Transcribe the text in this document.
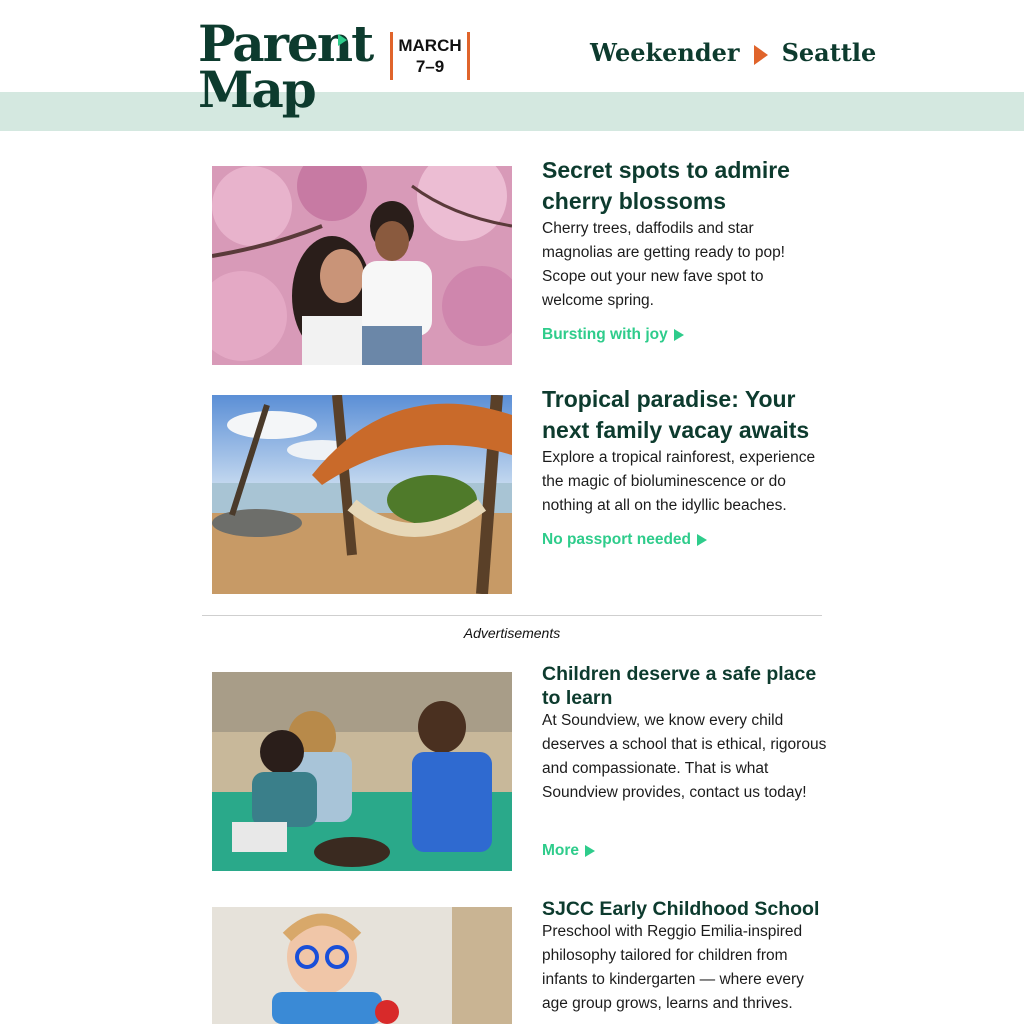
Parent
Map
MARCH
7–9	Weekender Seattle
Secret spots to admire cherry blossoms
Cherry trees, daffodils and star magnolias are getting ready to pop! Scope out your new fave spot to welcome spring.
Bursting with joy
Tropical paradise: Your next family vacay awaits
Explore a tropical rainforest, experience the magic of bioluminescence or do nothing at all on the idyllic beaches.
No passport needed
Advertisements
Children deserve a safe place to learn
At Soundview, we know every child deserves a school that is ethical, rigorous and compassionate. That is what Soundview provides, contact us today!
More
SJCC Early Childhood School
Preschool with Reggio Emilia-inspired philosophy tailored for children from infants to kindergarten — where every age group grows, learns and thrives.
